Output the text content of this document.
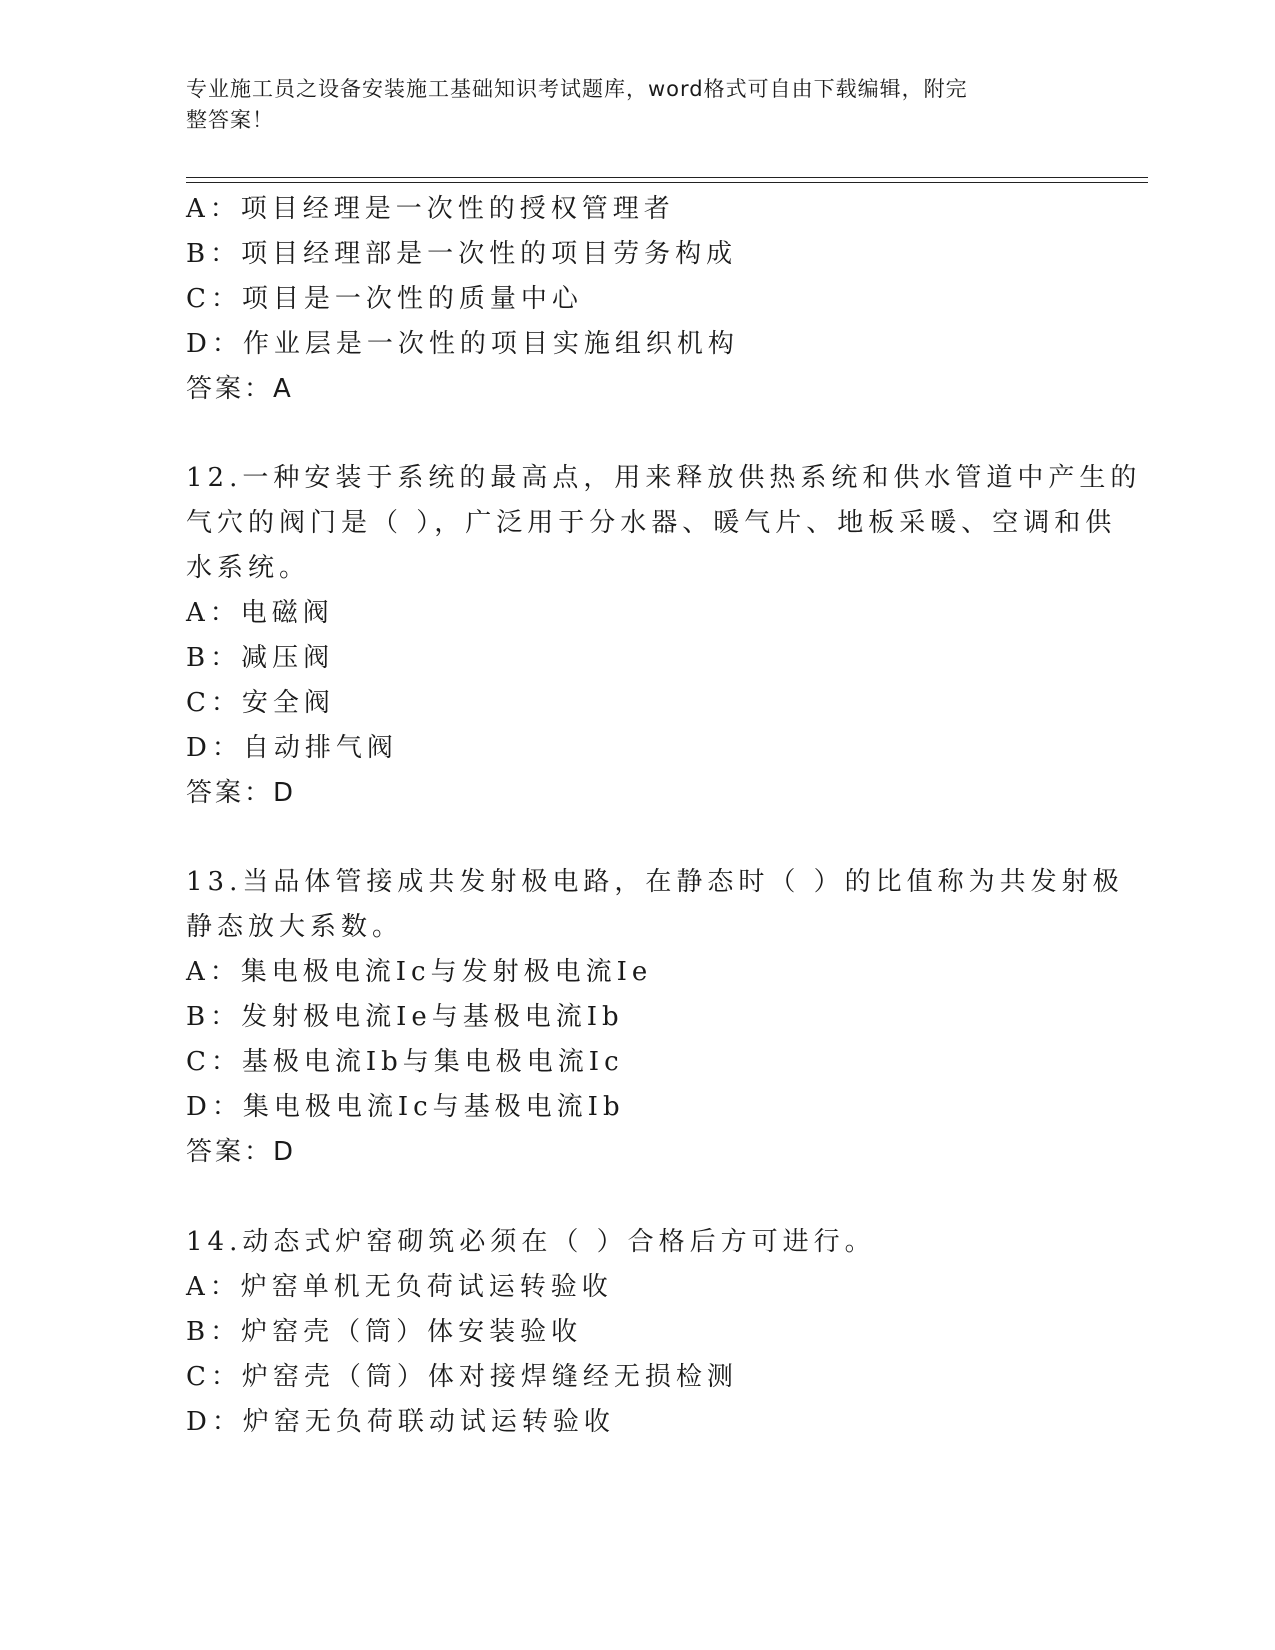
专业施工员之设备安装施工基础知识考试题库，word格式可自由下载编辑，附完
整答案！
A：项目经理是一次性的授权管理者
B：项目经理部是一次性的项目劳务构成
C：项目是一次性的质量中心
D：作业层是一次性的项目实施组织机构
答案：A
12.一种安装于系统的最高点，用来释放供热系统和供水管道中产生的
气穴的阀门是（ ），广泛用于分水器、暖气片、地板采暖、空调和供
水系统。
A：电磁阀
B：减压阀
C：安全阀
D：自动排气阀
答案：D
13.当品体管接成共发射极电路，在静态时（ ）的比值称为共发射极
静态放大系数。
A：集电极电流Ic与发射极电流Ie
B：发射极电流Ie与基极电流Ib
C：基极电流Ib与集电极电流Ic
D：集电极电流Ic与基极电流Ib
答案：D
14.动态式炉窑砌筑必须在（ ）合格后方可进行。
A：炉窑单机无负荷试运转验收
B：炉窑壳（筒）体安装验收
C：炉窑壳（筒）体对接焊缝经无损检测
D：炉窑无负荷联动试运转验收
